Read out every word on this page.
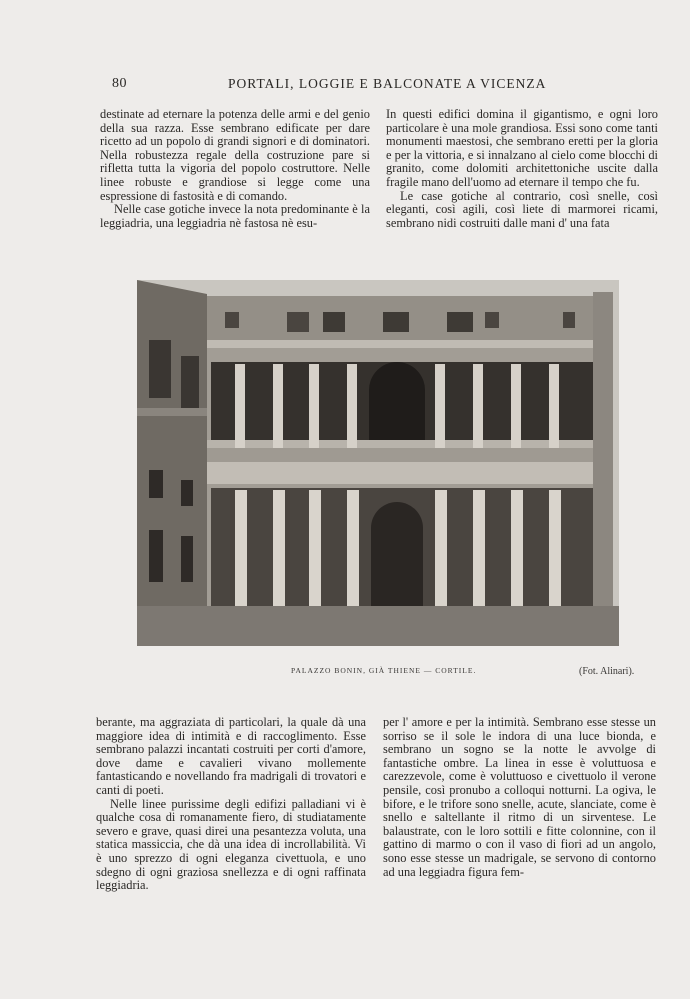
80	PORTALI, LOGGIE E BALCONATE A VICENZA

destinate ad eternare la potenza delle armi e del genio della sua razza. Esse sembrano edificate per dare ricetto ad un popolo di grandi signori e di dominatori. Nella robustezza regale della costruzione pare si rifletta tutta la vigoria del popolo costruttore. Nelle linee robuste e grandiose si legge come una espressione di fastosità e di comando.

Nelle case gotiche invece la nota predominante è la leggiadria, una leggiadria nè fastosa nè esu-

In questi edifici domina il gigantismo, e ogni loro particolare è una mole grandiosa. Essi sono come tanti monumenti maestosi, che sembrano eretti per la gloria e per la vittoria, e si innalzano al cielo come blocchi di granito, come dolomiti architettoniche uscite dalla fragile mano dell'uomo ad eternare il tempo che fu.

Le case gotiche al contrario, così snelle, così eleganti, così agili, così liete di marmorei ricami, sembrano nidi costruiti dalle mani d' una fata

PALAZZO BONIN, GIÀ THIENE — CORTILE.	(Fot. Alinari).

berante, ma aggraziata di particolari, la quale dà una maggiore idea di intimità e di raccoglimento. Esse sembrano palazzi incantati costruiti per corti d'amore, dove dame e cavalieri vivano mollemente fantasticando e novellando fra madrigali di trovatori e canti di poeti.

Nelle linee purissime degli edifizi palladiani vi è qualche cosa di romanamente fiero, di studiatamente severo e grave, quasi direi una pesantezza voluta, una statica massiccia, che dà una idea di incrollabilità. Vi è uno sprezzo di ogni eleganza civettuola, e uno sdegno di ogni graziosa snellezza e di ogni raffinata leggiadria.

per l' amore e per la intimità. Sembrano esse stesse un sorriso se il sole le indora di una luce bionda, e sembrano un sogno se la notte le avvolge di fantastiche ombre. La linea in esse è voluttuosa e carezzevole, come è voluttuoso e civettuolo il verone pensile, così pronubo a colloqui notturni. La ogiva, le bifore, e le trifore sono snelle, acute, slanciate, come è snello e saltellante il ritmo di un sirventese. Le balaustrate, con le loro sottili e fitte colonnine, con il gattino di marmo o con il vaso di fiori ad un angolo, sono esse stesse un madrigale, se servono di contorno ad una leggiadra figura fem-
